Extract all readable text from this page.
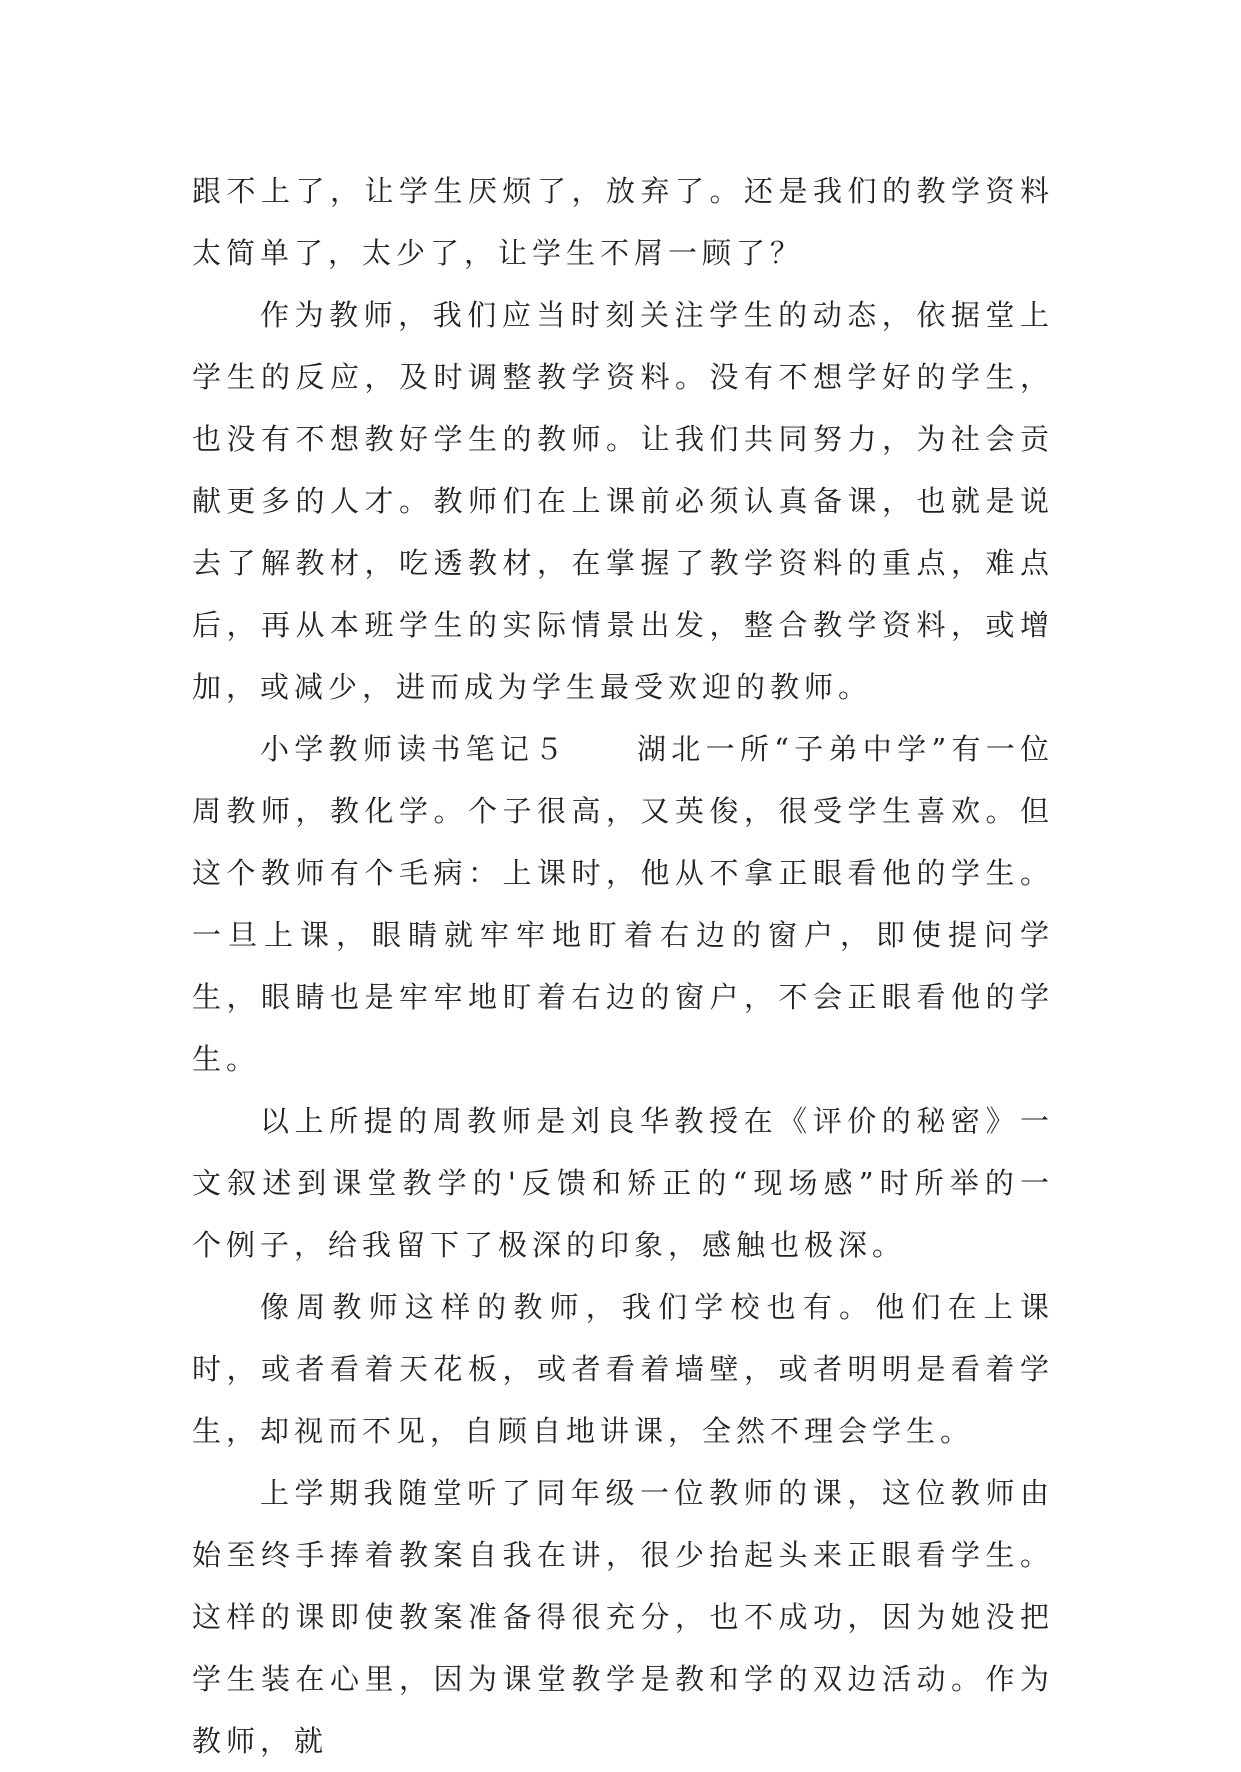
跟不上了，让学生厌烦了，放弃了。还是我们的教学资料太简单了，太少了，让学生不屑一顾了？

作为教师，我们应当时刻关注学生的动态，依据堂上学生的反应，及时调整教学资料。没有不想学好的学生，也没有不想教好学生的教师。让我们共同努力，为社会贡献更多的人才。教师们在上课前必须认真备课，也就是说去了解教材，吃透教材，在掌握了教学资料的重点，难点后，再从本班学生的实际情景出发，整合教学资料，或增加，或减少，进而成为学生最受欢迎的教师。

小学教师读书笔记５　　湖北一所“子弟中学”有一位周教师，教化学。个子很高，又英俊，很受学生喜欢。但这个教师有个毛病：上课时，他从不拿正眼看他的学生。一旦上课，眼睛就牢牢地盯着右边的窗户，即使提问学生，眼睛也是牢牢地盯着右边的窗户，不会正眼看他的学生。

以上所提的周教师是刘良华教授在《评价的秘密》一文叙述到课堂教学的'反馈和矫正的“现场感”时所举的一个例子，给我留下了极深的印象，感触也极深。

像周教师这样的教师，我们学校也有。他们在上课时，或者看着天花板，或者看着墙壁，或者明明是看着学生，却视而不见，自顾自地讲课，全然不理会学生。

上学期我随堂听了同年级一位教师的课，这位教师由始至终手捧着教案自我在讲，很少抬起头来正眼看学生。这样的课即使教案准备得很充分，也不成功，因为她没把学生装在心里，因为课堂教学是教和学的双边活动。作为教师，就
